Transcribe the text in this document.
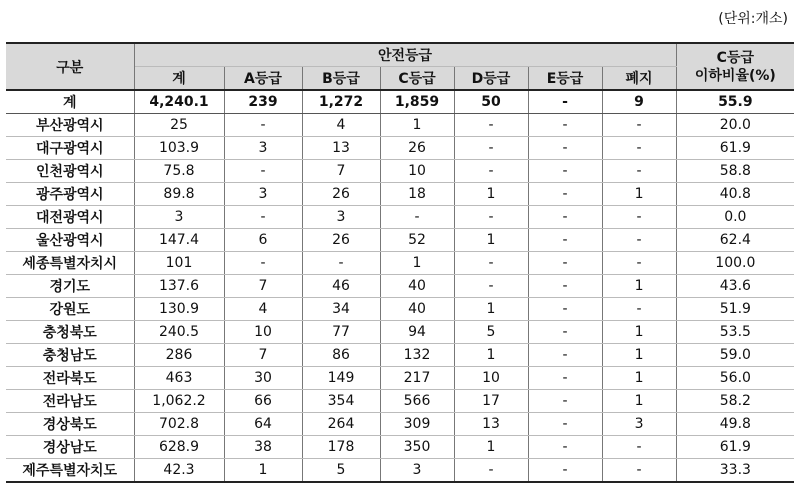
(단위:개소)
구분	안전등급							C등급
이하비율(%)

	계	A등급	B등급	C등급	D등급	E등급	폐지	
계	4,240.1	239	1,272	1,859	50	-	9	55.9
부산광역시	25	-	4	1	-	-	-	20.0
대구광역시	103.9	3	13	26	-	-	-	61.9
인천광역시	75.8	-	7	10	-	-	-	58.8
광주광역시	89.8	3	26	18	1	-	1	40.8
대전광역시	3	-	3	-	-	-	-	0.0
울산광역시	147.4	6	26	52	1	-	-	62.4
세종특별자치시	101	-	-	1	-	-	-	100.0
경기도	137.6	7	46	40	-	-	1	43.6
강원도	130.9	4	34	40	1	-	-	51.9
충청북도	240.5	10	77	94	5	-	1	53.5
충청남도	286	7	86	132	1	-	1	59.0
전라북도	463	30	149	217	10	-	1	56.0
전라남도	1,062.2	66	354	566	17	-	1	58.2
경상북도	702.8	64	264	309	13	-	3	49.8
경상남도	628.9	38	178	350	1	-	-	61.9
제주특별자치도	42.3	1	5	3	-	-	-	33.3
